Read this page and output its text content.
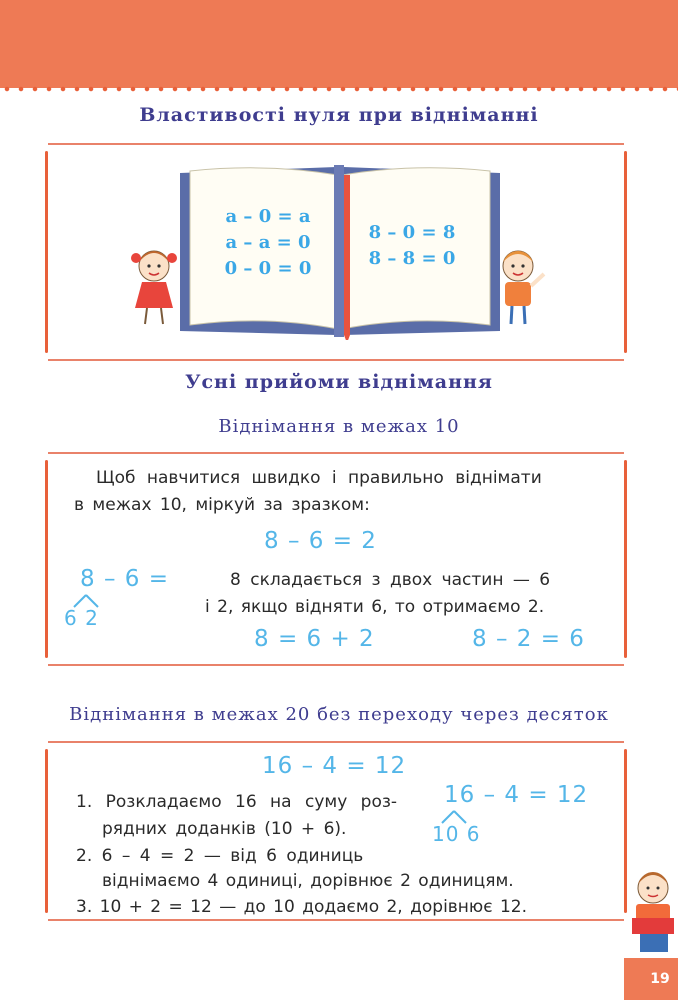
Властивості нуля при відніманні
a – 0 = a
a – a = 0
0 – 0 = 0
8 – 0 = 8
8 – 8 = 0
Усні прийоми віднімання
Віднімання в межах 10
Щоб навчитися швидко і правильно віднімати
в межах 10, міркуй за зразком:
8 – 6 = 2
8 – 6 =
6 2
8 складається з двох частин — 6
і 2, якщо відняти 6, то отримаємо 2.
8 = 6 + 2	8 – 2 = 6
Віднімання в межах 20 без переходу через десяток
16 – 4 = 12
16 – 4 = 12
10 6
1. Розкладаємо 16 на суму роз-
рядних доданків (10 + 6).
2. 6 – 4 = 2 — від 6 одиниць
віднімаємо 4 одиниці, дорівнює 2 одиницям.
3. 10 + 2 = 12 — до 10 додаємо 2, дорівнює 12.
19
